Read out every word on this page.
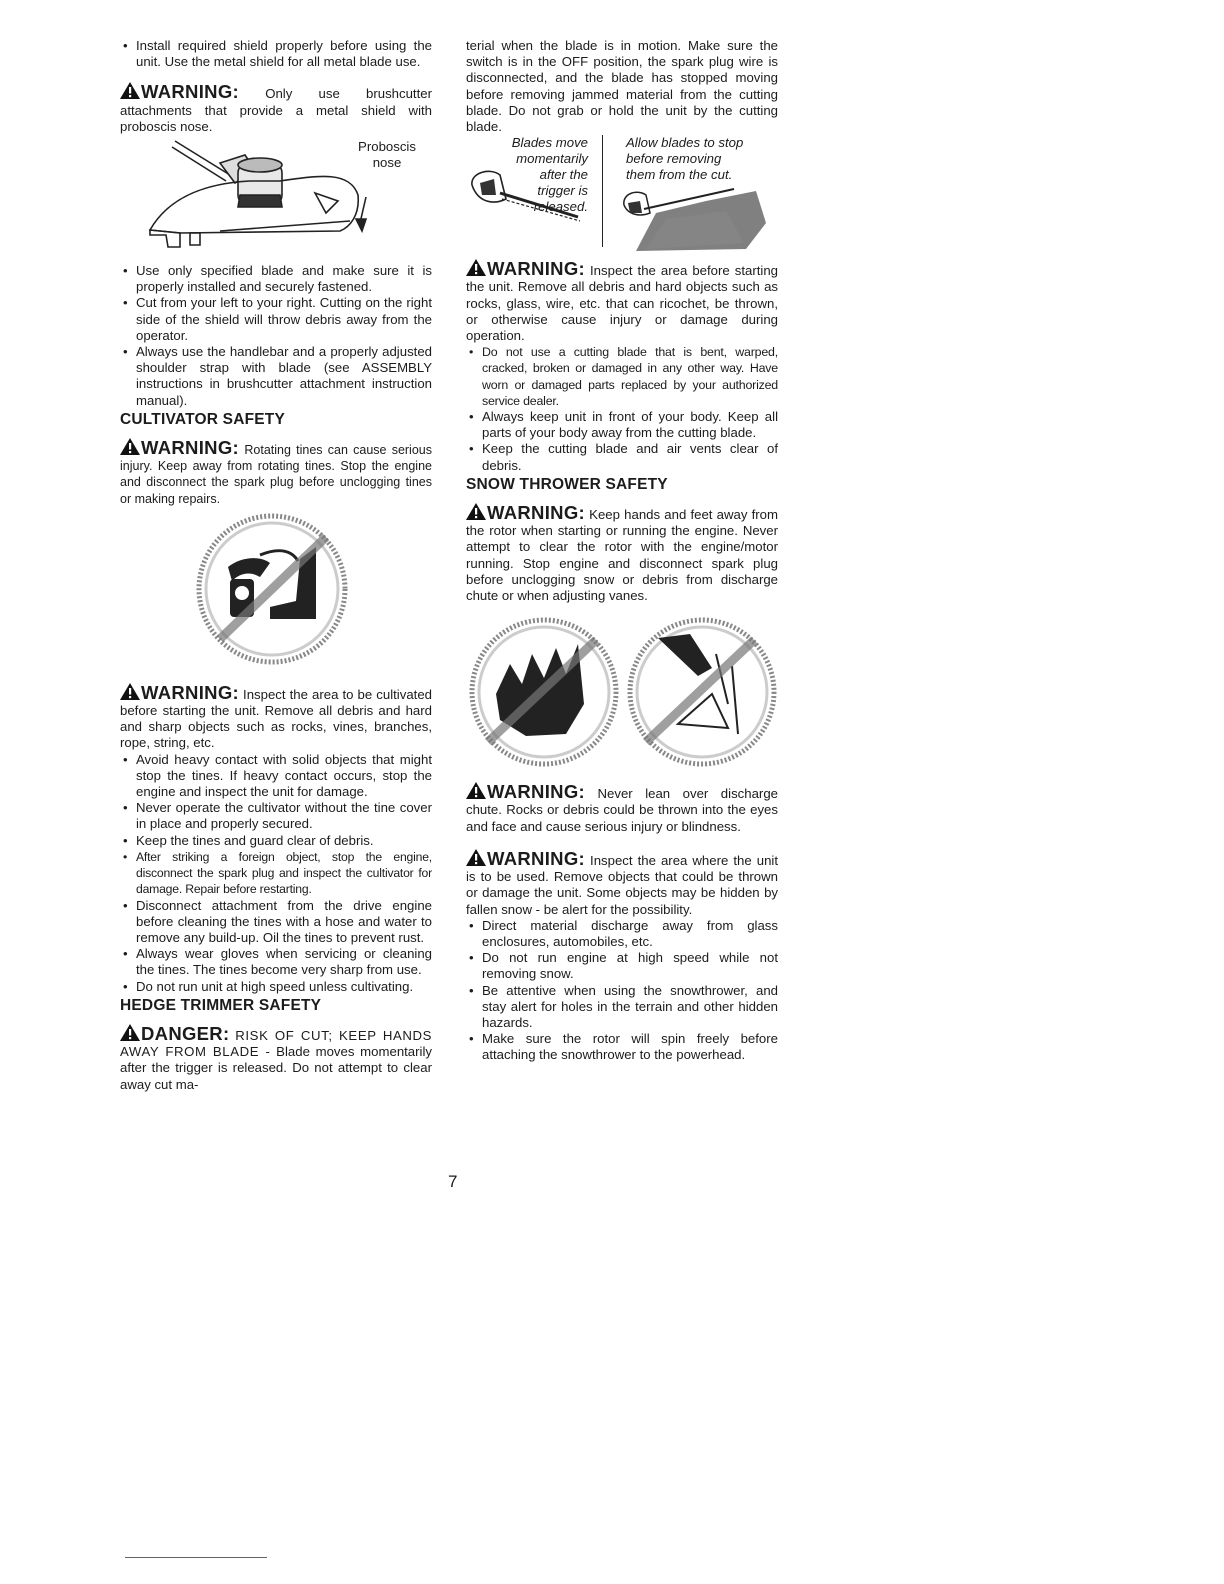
• Install required shield properly before using the unit. Use the metal shield for all metal blade use.

WARNING: Only use brushcutter attachments that provide a metal shield with proboscis nose.

Proboscis
nose
• Use only specified blade and make sure it is properly installed and securely fastened.
• Cut from your left to your right. Cutting on the right side of the shield will throw debris away from the operator.
• Always use the handlebar and a properly adjusted shoulder strap with blade (see ASSEMBLY instructions in brushcutter attachment instruction manual).
CULTIVATOR SAFETY

WARNING: Rotating tines can cause serious injury. Keep away from rotating tines. Stop the engine and disconnect the spark plug before unclogging tines or making repairs.

WARNING: Inspect the area to be cultivated before starting the unit. Remove all debris and hard and sharp objects such as rocks, vines, branches, rope, string, etc.

• Avoid heavy contact with solid objects that might stop the tines. If heavy contact occurs, stop the engine and inspect the unit for damage.
• Never operate the cultivator without the tine cover in place and properly secured.
• Keep the tines and guard clear of debris.
• After striking a foreign object, stop the engine, disconnect the spark plug and inspect the cultivator for damage. Repair before restarting.
• Disconnect attachment from the drive engine before cleaning the tines with a hose and water to remove any build-up. Oil the tines to prevent rust.
• Always wear gloves when servicing or cleaning the tines. The tines become very sharp from use.
• Do not run unit at high speed unless cultivating.
HEDGE TRIMMER SAFETY

DANGER: RISK OF CUT; KEEP HANDS AWAY FROM BLADE - Blade moves momentarily after the trigger is released. Do not attempt to clear away cut ma-

terial when the blade is in motion. Make sure the switch is in the OFF position, the spark plug wire is disconnected, and the blade has stopped moving before removing jammed material from the cutting blade. Do not grab or hold the unit by the cutting blade.

Blades move
momentarily
after the
trigger is
released.
Allow blades to stop
before removing
them from the cut.

WARNING: Inspect the area before starting the unit. Remove all debris and hard objects such as rocks, glass, wire, etc. that can ricochet, be thrown, or otherwise cause injury or damage during operation.

• Do not use a cutting blade that is bent, warped, cracked, broken or damaged in any other way. Have worn or damaged parts replaced by your authorized service dealer.
• Always keep unit in front of your body. Keep all parts of your body away from the cutting blade.
• Keep the cutting blade and air vents clear of debris.
SNOW THROWER SAFETY

WARNING: Keep hands and feet away from the rotor when starting or running the engine. Never attempt to clear the rotor with the engine/motor running. Stop engine and disconnect spark plug before unclogging snow or debris from discharge chute or when adjusting vanes.

WARNING: Never lean over discharge chute. Rocks or debris could be thrown into the eyes and face and cause serious injury or blindness.

WARNING: Inspect the area where the unit is to be used. Remove objects that could be thrown or damage the unit. Some objects may be hidden by fallen snow - be alert for the possibility.

• Direct material discharge away from glass enclosures, automobiles, etc.
• Do not run engine at high speed while not removing snow.
• Be attentive when using the snowthrower, and stay alert for holes in the terrain and other hidden hazards.
• Make sure the rotor will spin freely before attaching the snowthrower to the powerhead.
7
